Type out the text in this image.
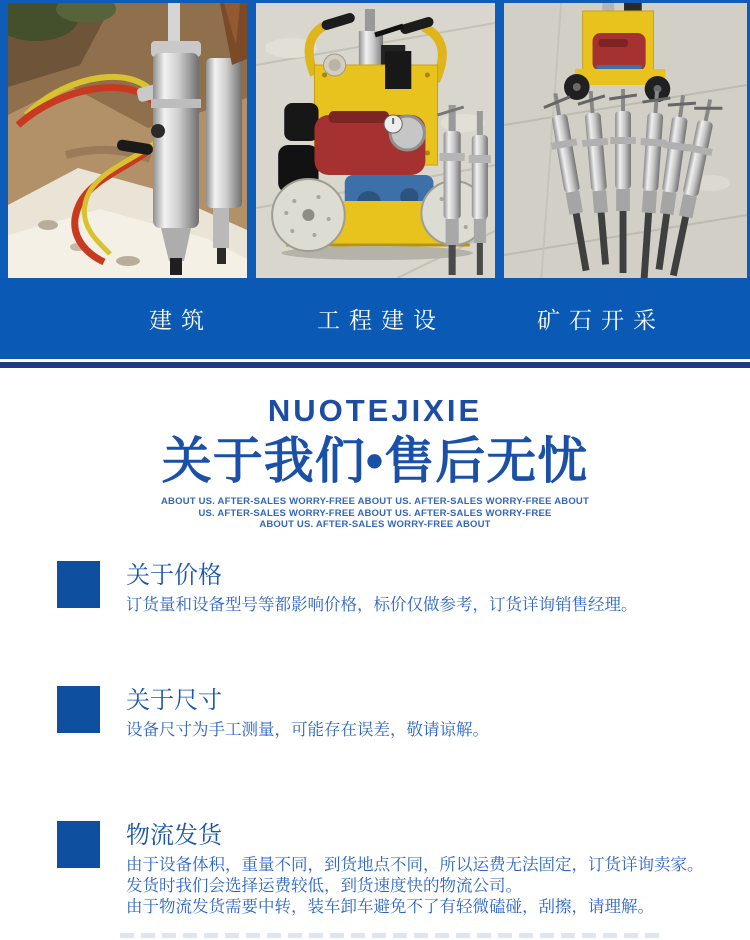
建筑	工程建设	矿石开采
NUOTEJIXIE
关于我们•售后无忧
ABOUT US. AFTER-SALES WORRY-FREE ABOUT US. AFTER-SALES WORRY-FREE ABOUT
US. AFTER-SALES WORRY-FREE ABOUT US. AFTER-SALES WORRY-FREE
ABOUT US. AFTER-SALES WORRY-FREE ABOUT
关于价格
订货量和设备型号等都影响价格，标价仅做参考，订货详询销售经理。
关于尺寸
设备尺寸为手工测量，可能存在误差，敬请谅解。
物流发货
由于设备体积，重量不同，到货地点不同，所以运费无法固定，订货详询卖家。
发货时我们会选择运费较低，到货速度快的物流公司。
由于物流发货需要中转，装车卸车避免不了有轻微磕碰，刮擦，请理解。
